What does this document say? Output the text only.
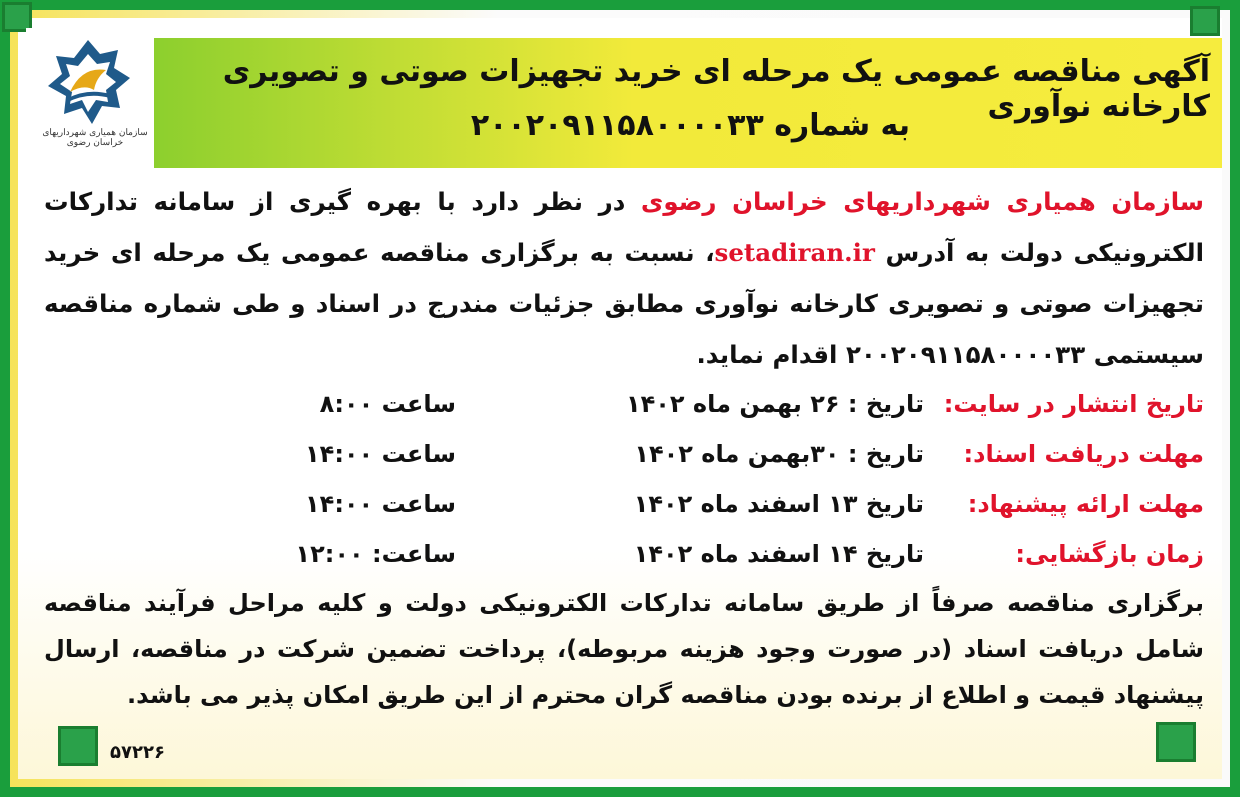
سازمان همیاری شهرداریهای خراسان رضوی
آگهی مناقصه عمومی یک مرحله ای خرید تجهیزات صوتی و تصویری کارخانه نوآوری
به شماره ۲۰۰۲۰۹۱۱۵۸۰۰۰۰۳۳
سازمان همیاری شهرداریهای خراسان رضوی در نظر دارد با بهره گیری از سامانه تدارکات الکترونیکی دولت به آدرس setadiran.ir، نسبت به برگزاری مناقصه عمومی یک مرحله ای خرید تجهیزات صوتی و تصویری کارخانه نوآوری مطابق جزئیات مندرج در اسناد و طی شماره مناقصه سیستمی ۲۰۰۲۰۹۱۱۵۸۰۰۰۰۳۳ اقدام نماید.
تاریخ انتشار در سایت:
تاریخ : ۲۶ بهمن ماه ۱۴۰۲
ساعت ۸:۰۰
مهلت دریافت اسناد:
تاریخ : ۳۰بهمن ماه ۱۴۰۲
ساعت ۱۴:۰۰
مهلت ارائه پیشنهاد:
تاریخ ۱۳ اسفند ماه ۱۴۰۲
ساعت ۱۴:۰۰
زمان بازگشایی:
تاریخ ۱۴ اسفند ماه ۱۴۰۲
ساعت: ۱۲:۰۰
برگزاری مناقصه صرفاً از طریق سامانه تدارکات الکترونیکی دولت و کلیه مراحل فرآیند مناقصه شامل دریافت اسناد (در صورت وجود هزینه مربوطه)، پرداخت تضمین شرکت در مناقصه، ارسال پیشنهاد قیمت و اطلاع از برنده بودن مناقصه گران محترم از این طریق امکان پذیر می باشد.
۵۷۲۲۶
